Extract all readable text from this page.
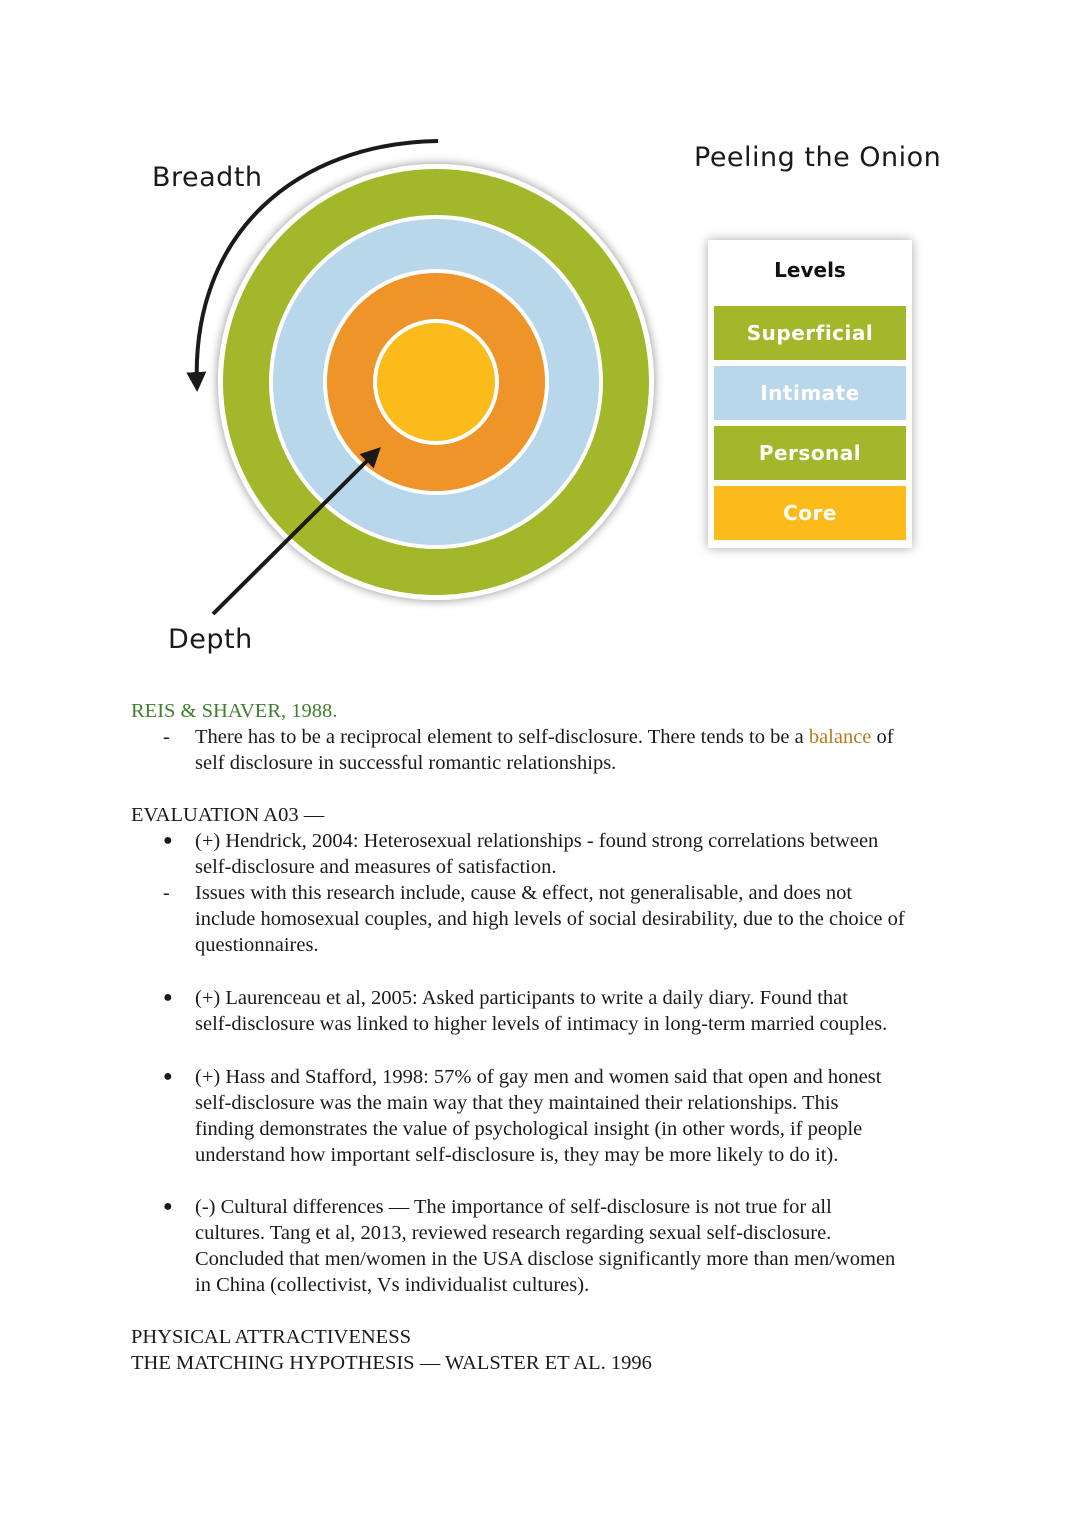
Breadth
Depth
Peeling the Onion
Levels
Superficial
Intimate
Personal
Core
REIS & SHAVER, 1988.
- There has to be a reciprocal element to self-disclosure. There tends to be a balance of
self disclosure in successful romantic relationships.
EVALUATION A03 —
● (+) Hendrick, 2004: Heterosexual relationships - found strong correlations between
self-disclosure and measures of satisfaction.
- Issues with this research include, cause & effect, not generalisable, and does not
include homosexual couples, and high levels of social desirability, due to the choice of
questionnaires.
● (+) Laurenceau et al, 2005: Asked participants to write a daily diary. Found that
self-disclosure was linked to higher levels of intimacy in long-term married couples.
● (+) Hass and Stafford, 1998: 57% of gay men and women said that open and honest
self-disclosure was the main way that they maintained their relationships. This
finding demonstrates the value of psychological insight (in other words, if people
understand how important self-disclosure is, they may be more likely to do it).
● (-) Cultural differences — The importance of self-disclosure is not true for all
cultures. Tang et al, 2013, reviewed research regarding sexual self-disclosure.
Concluded that men/women in the USA disclose significantly more than men/women
in China (collectivist, Vs individualist cultures).
PHYSICAL ATTRACTIVENESS
THE MATCHING HYPOTHESIS — WALSTER ET AL. 1996
